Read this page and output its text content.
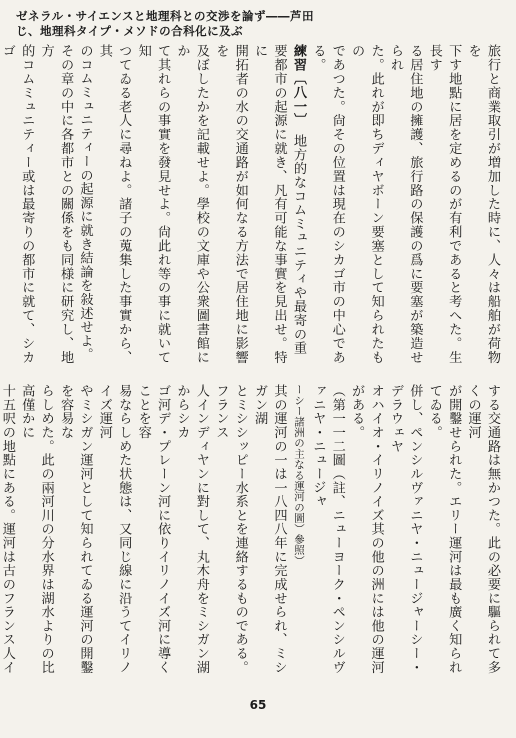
ゼネラル・サイエンスと地理科との交渉を論ず――芦田
じ、地理科タイプ・メソドの合科化に及ぶ
旅行と商業取引が増加した時に、人々は船舶が荷物を
下す地點に居を定めるのが有利であると考へた。生長す
る居住地の擁護、旅行路の保護の爲に要塞が築造せられ
た。此れが即ちディヤボーン要塞として知られたもの
であつた。尙その位置は現在のシカゴ市の中心である。
練習〔八一〕　地方的なコムミュニティや最寄の重
要都市の起源に就き、凡有可能な事實を見出せ。特に
開拓者の水の交通路が如何なる方法で居住地に影響を
及ぼしたかを記載せよ。學校の文庫や公衆圖書館にか
て其れらの事實を發見せよ。尙此れ等の事に就いて知
つてゐる老人に尋ねよ。諸子の蒐集した事實から、其
のコムミュニティーの起源に就き結論を敍述せよ。
その章の中に各都市との關係をも同様に研究し、地方
的コムミュニティー或は最寄りの都市に就て、シカゴ

する交通路は無かつた。此の必要に驅られて多くの運河
が開鑿せられた。エリー運河は最も廣く知られてゐる。
併し、ペンシルヴァニヤ・ニュージャーシー・デラウェヤ
オハイオ・イリノイズ其の他の洲には他の運河がある。
（第一一二圖（註、ニューヨーク・ペンシルヴァニヤ・ニュージャ
ーシー諸洲の主なる運河の圖）參照）
其の運河の一は一八四八年に完成せられ、ミシガン湖
とミシシッピー水系とを連絡するものである。フランス
人インディヤンに對して、丸木舟をミシガン湖からシカ
ゴ河デ・プレーン河に依りイリノイズ河に導くことを容
易ならしめた状態は、又同じ線に沿うてイリノイズ運河
やミシガン運河として知られてゐる運河の開鑿を容易な
らしめた。此の兩河川の分水界は湖水よりの比高僅かに
十五呎の地點にある。運河は古のフランス人イ
65
